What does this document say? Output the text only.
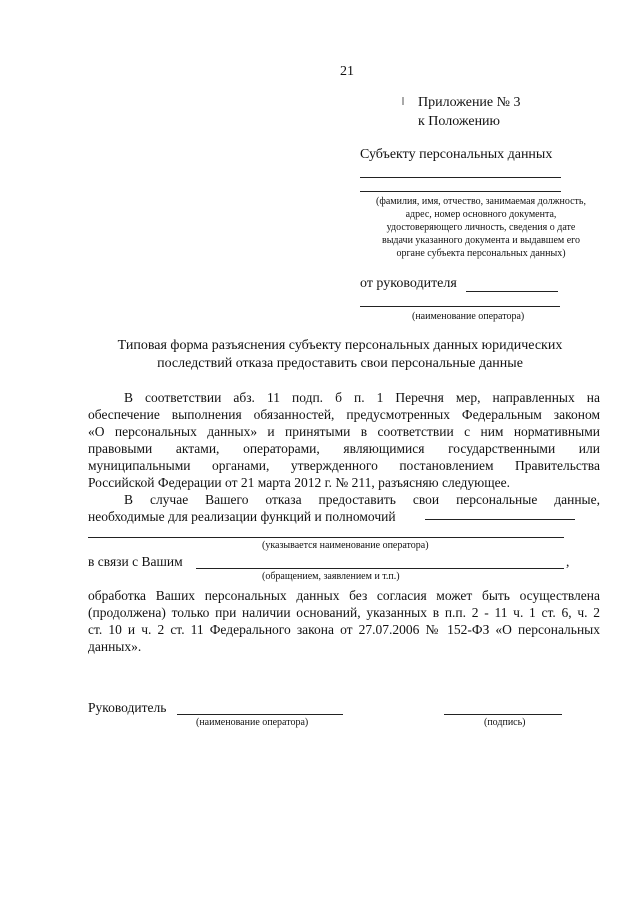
21
Приложение № 3
к Положению
Субъекту персональных данных
(фамилия, имя, отчество, занимаемая должность,
адрес, номер основного документа,
удостоверяющего личность, сведения о дате
выдачи указанного документа и выдавшем его
органе субъекта персональных данных)
от руководителя
(наименование оператора)
Типовая форма разъяснения субъекту персональных данных юридических
последствий отказа предоставить свои персональные данные
В соответствии абз. 11 подп. б п. 1 Перечня мер, направленных на
обеспечение выполнения обязанностей, предусмотренных Федеральным законом
«О персональных данных» и принятыми в соответствии с ним нормативными
правовыми актами, операторами, являющимися государственными или
муниципальными органами, утвержденного постановлением Правительства
Российской Федерации от 21 марта 2012 г. № 211, разъясняю следующее.
В случае Вашего отказа предоставить свои персональные данные,
необходимые для реализации функций и полномочий
(указывается наименование оператора)
в связи с Вашим	,
(обращением, заявлением и т.п.)
обработка Ваших персональных данных без согласия может быть осуществлена
(продолжена) только при наличии оснований, указанных в п.п. 2 - 11 ч. 1 ст. 6, ч. 2
ст. 10 и ч. 2 ст. 11 Федерального закона от 27.07.2006 № 152-ФЗ «О персональных
данных».
Руководитель
(наименование оператора)	(подпись)
